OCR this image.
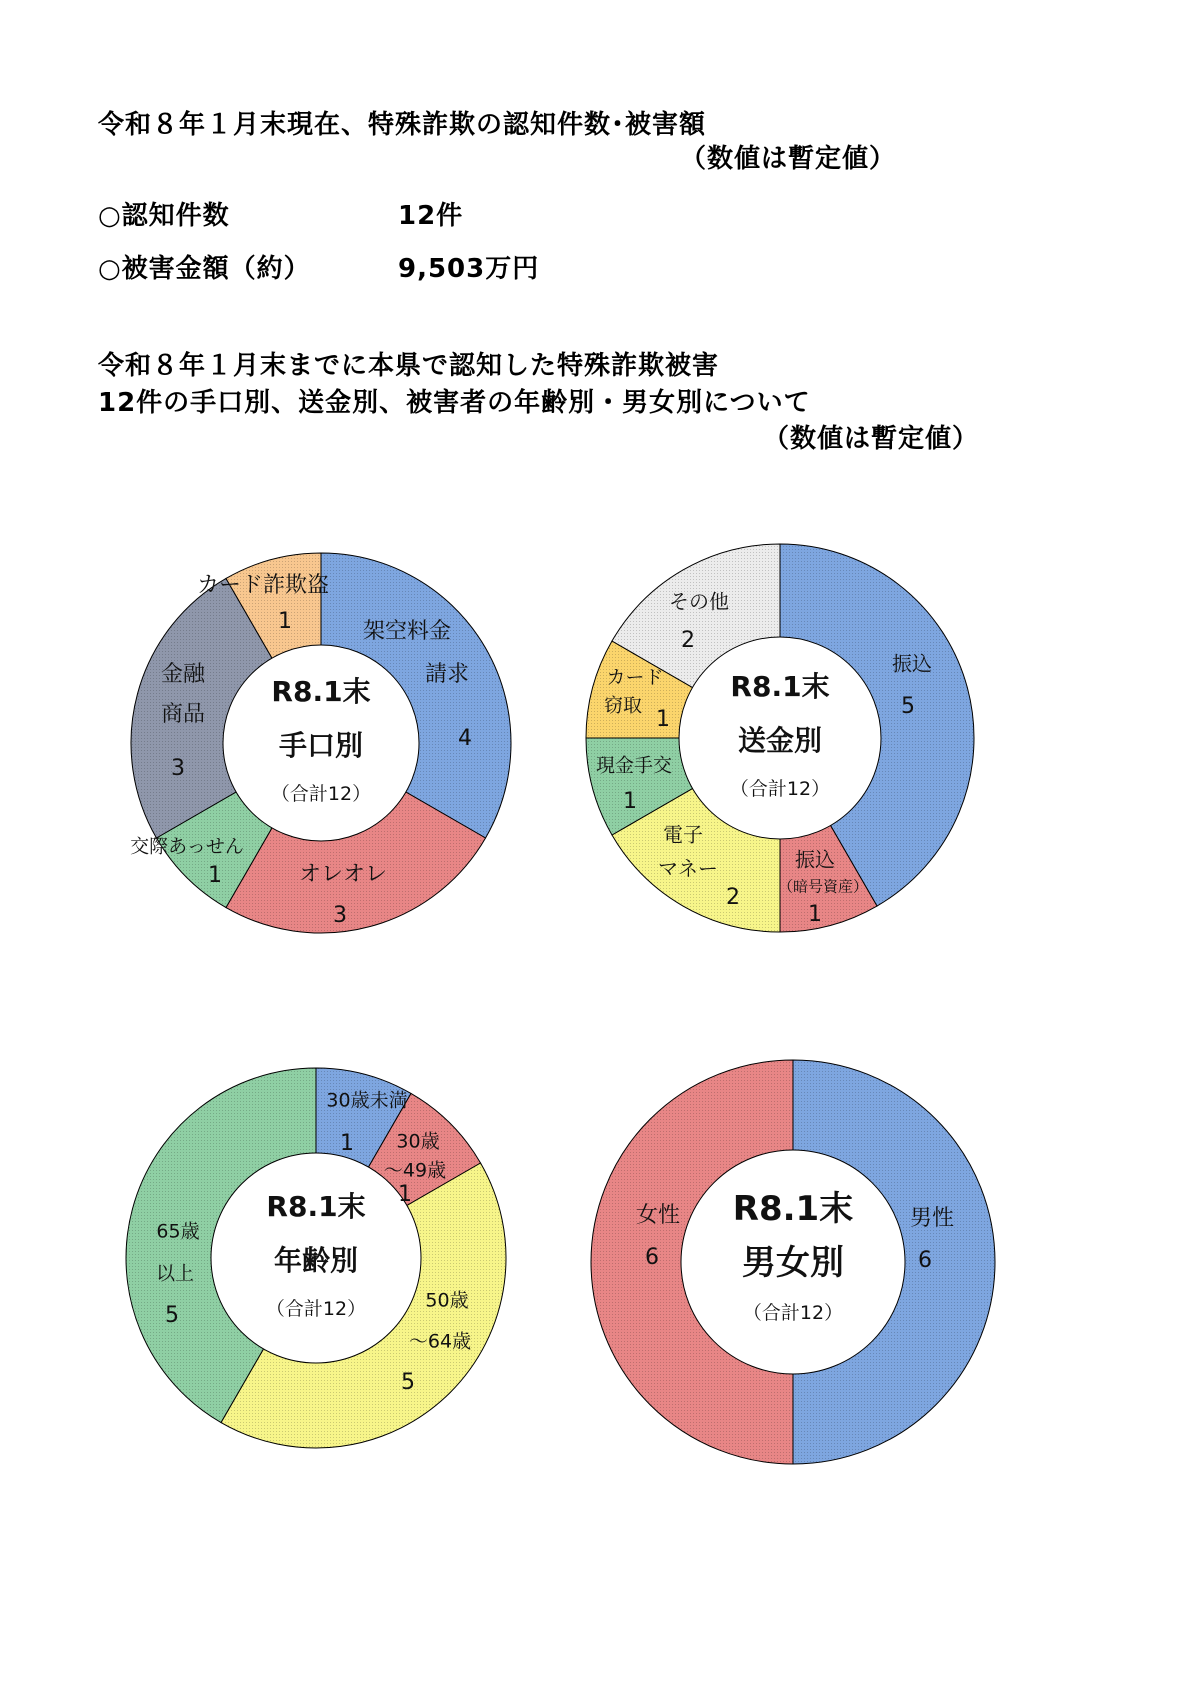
令和８年１月末現在、特殊詐欺の認知件数･被害額
（数値は暫定値）
○認知件数	12件
○被害金額（約）	9,503万円
令和８年１月末までに本県で認知した特殊詐欺被害
12件の手口別、送金別、被害者の年齢別・男女別について
（数値は暫定値）
R8.1末
手口別
（合計12）
R8.1末
送金別
（合計12）
R8.1末
年齢別
（合計12）
R8.1末
男女別
（合計12）
架空料金
請求
4
オレオレ
3
交際あっせん
1
金融
商品
3
カード詐欺盗
1
振込
5
振込
（暗号資産）
1
電子
マネー
2
現金手交
1
カード
窃取
1
その他
2
30歳未満
1 30歳
～49歳
1
50歳
～64歳
5
65歳
以上
5
男性
6
女性
6
